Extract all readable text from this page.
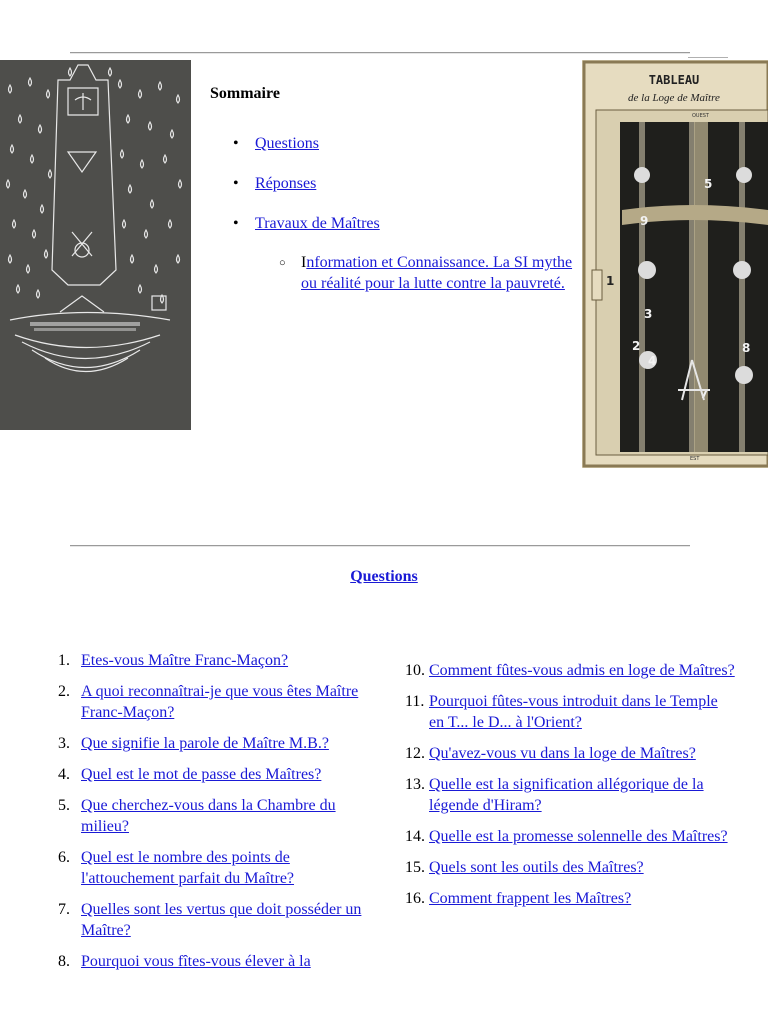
TABLEAU
de la Loge de Maître
OUEST
5
9
1
3
2
4
7
8
EST
Sommaire
• Questions
• Réponses
• Travaux de Maîtres
○ Information et Connaissance. La SI mythe ou réalité pour la lutte contre la pauvreté.
Questions
1. Etes-vous Maître Franc-Maçon?
2. A quoi reconnaîtrai-je que vous êtes Maître Franc-Maçon?
3. Que signifie la parole de Maître M.B.?
4. Quel est le mot de passe des Maîtres?
5. Que cherchez-vous dans la Chambre du milieu?
6. Quel est le nombre des points de l'attouchement parfait du Maître?
7. Quelles sont les vertus que doit posséder un Maître?
8. Pourquoi vous fîtes-vous élever à la
10. Comment fûtes-vous admis en loge de Maîtres?
11. Pourquoi fûtes-vous introduit dans le Temple en T... le D... à l'Orient?
12. Qu'avez-vous vu dans la loge de Maîtres?
13. Quelle est la signification allégorique de la légende d'Hiram?
14. Quelle est la promesse solennelle des Maîtres?
15. Quels sont les outils des Maîtres?
16. Comment frappent les Maîtres?
